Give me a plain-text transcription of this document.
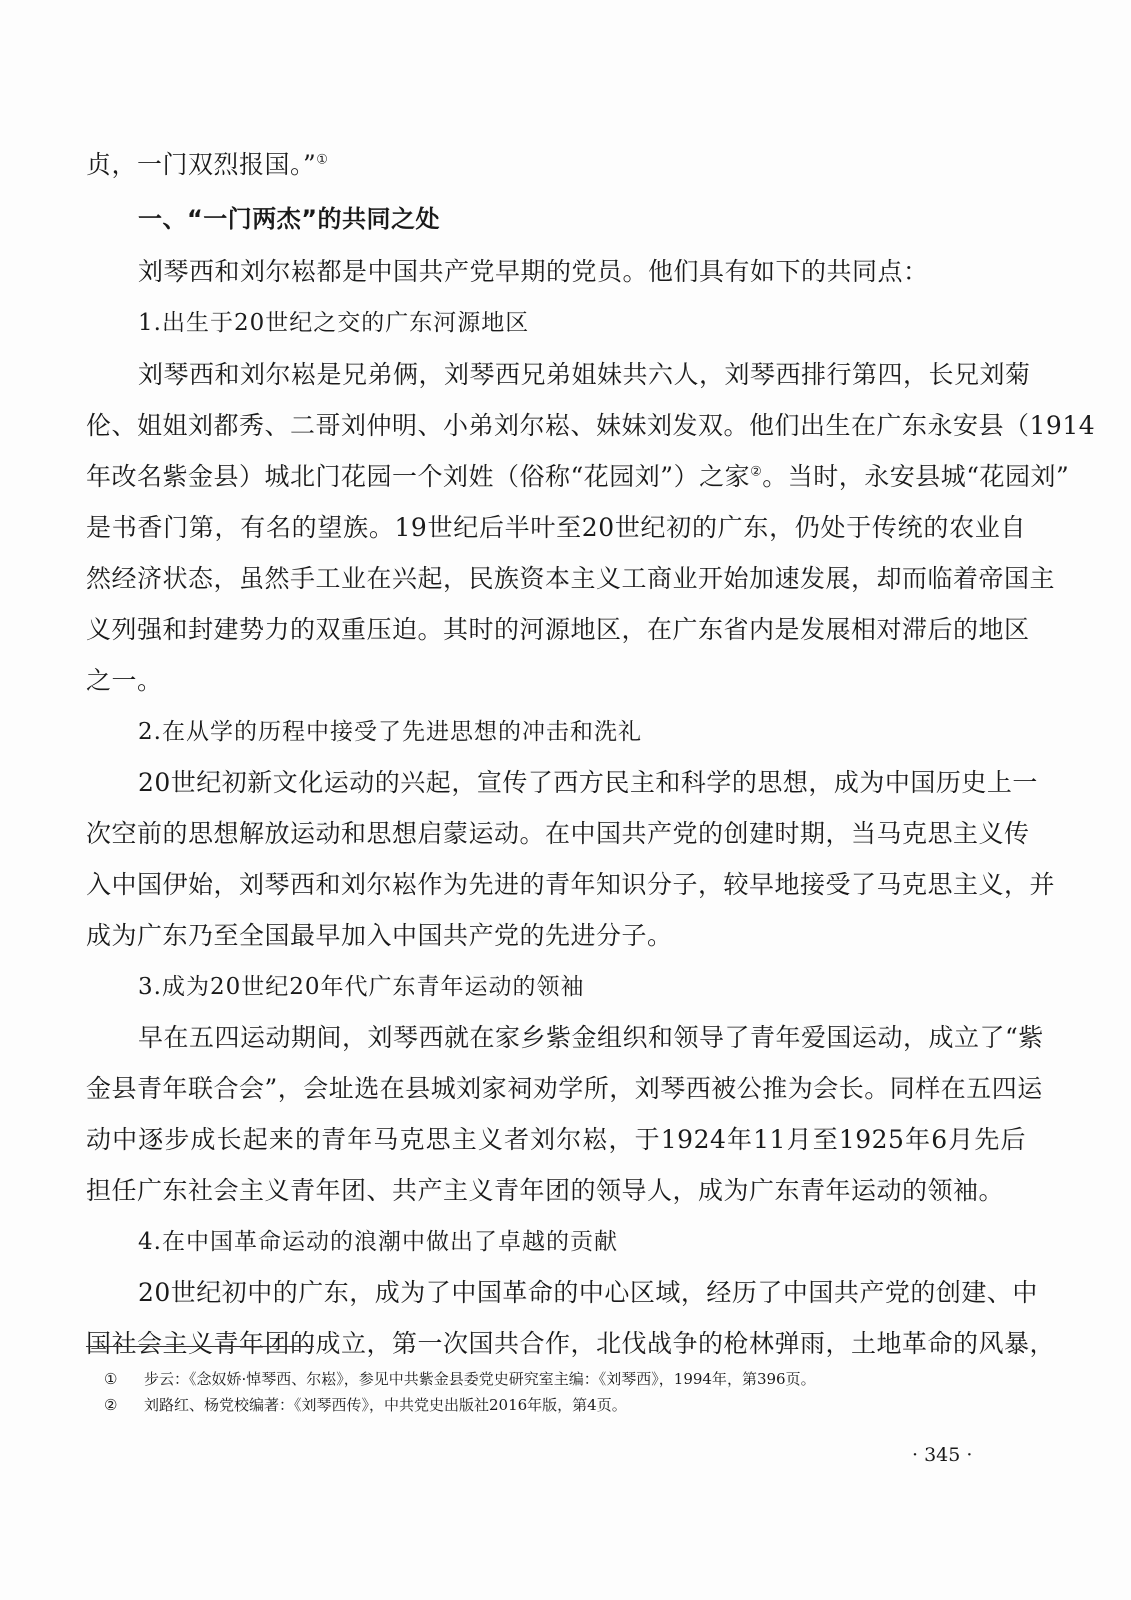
贞，一门双烈报国。”①
一、“一门两杰”的共同之处
刘琴西和刘尔崧都是中国共产党早期的党员。他们具有如下的共同点：
1.出生于20世纪之交的广东河源地区
刘琴西和刘尔崧是兄弟俩，刘琴西兄弟姐妹共六人，刘琴西排行第四，长兄刘菊
伦、姐姐刘都秀、二哥刘仲明、小弟刘尔崧、妹妹刘发双。他们出生在广东永安县（1914
年改名紫金县）城北门花园一个刘姓（俗称“花园刘”）之家②。当时，永安县城“花园刘”
是书香门第，有名的望族。19世纪后半叶至20世纪初的广东，仍处于传统的农业自
然经济状态，虽然手工业在兴起，民族资本主义工商业开始加速发展，却而临着帝国主
义列强和封建势力的双重压迫。其时的河源地区，在广东省内是发展相对滞后的地区
之一。
2.在从学的历程中接受了先进思想的冲击和洗礼
20世纪初新文化运动的兴起，宣传了西方民主和科学的思想，成为中国历史上一
次空前的思想解放运动和思想启蒙运动。在中国共产党的创建时期，当马克思主义传
入中国伊始，刘琴西和刘尔崧作为先进的青年知识分子，较早地接受了马克思主义，并
成为广东乃至全国最早加入中国共产党的先进分子。
3.成为20世纪20年代广东青年运动的领袖
早在五四运动期间，刘琴西就在家乡紫金组织和领导了青年爱国运动，成立了“紫
金县青年联合会”，会址选在县城刘家祠劝学所，刘琴西被公推为会长。同样在五四运
动中逐步成长起来的青年马克思主义者刘尔崧，于1924年11月至1925年6月先后
担任广东社会主义青年团、共产主义青年团的领导人，成为广东青年运动的领袖。
4.在中国革命运动的浪潮中做出了卓越的贡献
20世纪初中的广东，成为了中国革命的中心区域，经历了中国共产党的创建、中
国社会主义青年团的成立，第一次国共合作，北伐战争的枪林弹雨，土地革命的风暴，
① 步云：《念奴娇·悼琴西、尔崧》，参见中共紫金县委党史研究室主编：《刘琴西》，1994年，第396页。
② 刘路红、杨党校编著：《刘琴西传》，中共党史出版社2016年版，第4页。
· 345 ·
